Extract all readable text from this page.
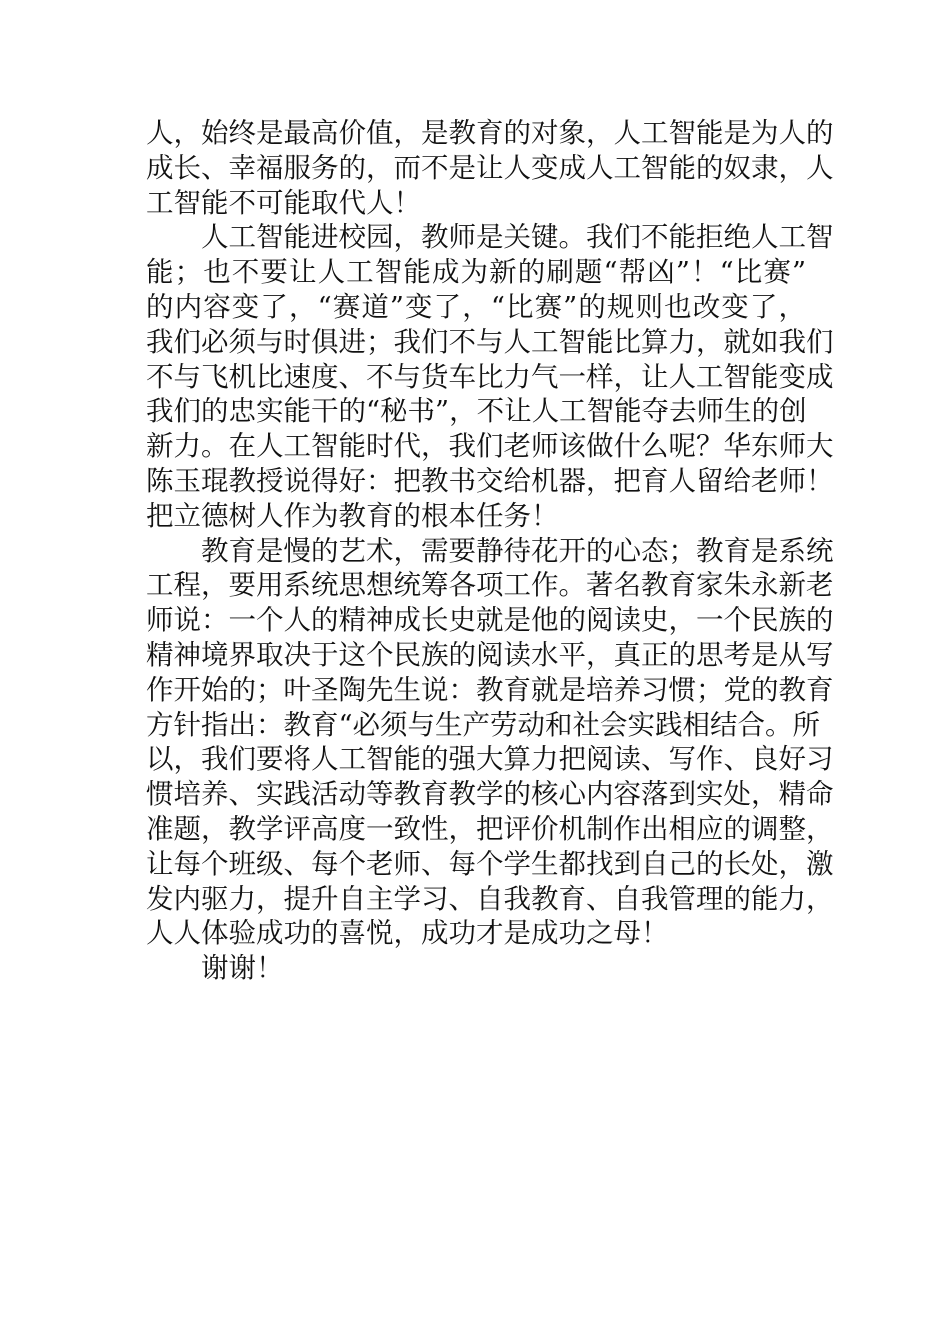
人，始终是最高价值，是教育的对象，人工智能是为人的
成长、幸福服务的，而不是让人变成人工智能的奴隶，人
工智能不可能取代人！
人工智能进校园，教师是关键。我们不能拒绝人工智
能；也不要让人工智能成为新的刷题“帮凶”！“比赛”
的内容变了，“赛道”变了，“比赛”的规则也改变了，
我们必须与时俱进；我们不与人工智能比算力，就如我们
不与飞机比速度、不与货车比力气一样，让人工智能变成
我们的忠实能干的“秘书”，不让人工智能夺去师生的创
新力。在人工智能时代，我们老师该做什么呢？华东师大
陈玉琨教授说得好：把教书交给机器，把育人留给老师！
把立德树人作为教育的根本任务！
教育是慢的艺术，需要静待花开的心态；教育是系统
工程，要用系统思想统筹各项工作。著名教育家朱永新老
师说：一个人的精神成长史就是他的阅读史，一个民族的
精神境界取决于这个民族的阅读水平，真正的思考是从写
作开始的；叶圣陶先生说：教育就是培养习惯；党的教育
方针指出：教育“必须与生产劳动和社会实践相结合。所
以，我们要将人工智能的强大算力把阅读、写作、良好习
惯培养、实践活动等教育教学的核心内容落到实处，精命
准题，教学评高度一致性，把评价机制作出相应的调整，
让每个班级、每个老师、每个学生都找到自己的长处，激
发内驱力，提升自主学习、自我教育、自我管理的能力，
人人体验成功的喜悦，成功才是成功之母！
谢谢！
